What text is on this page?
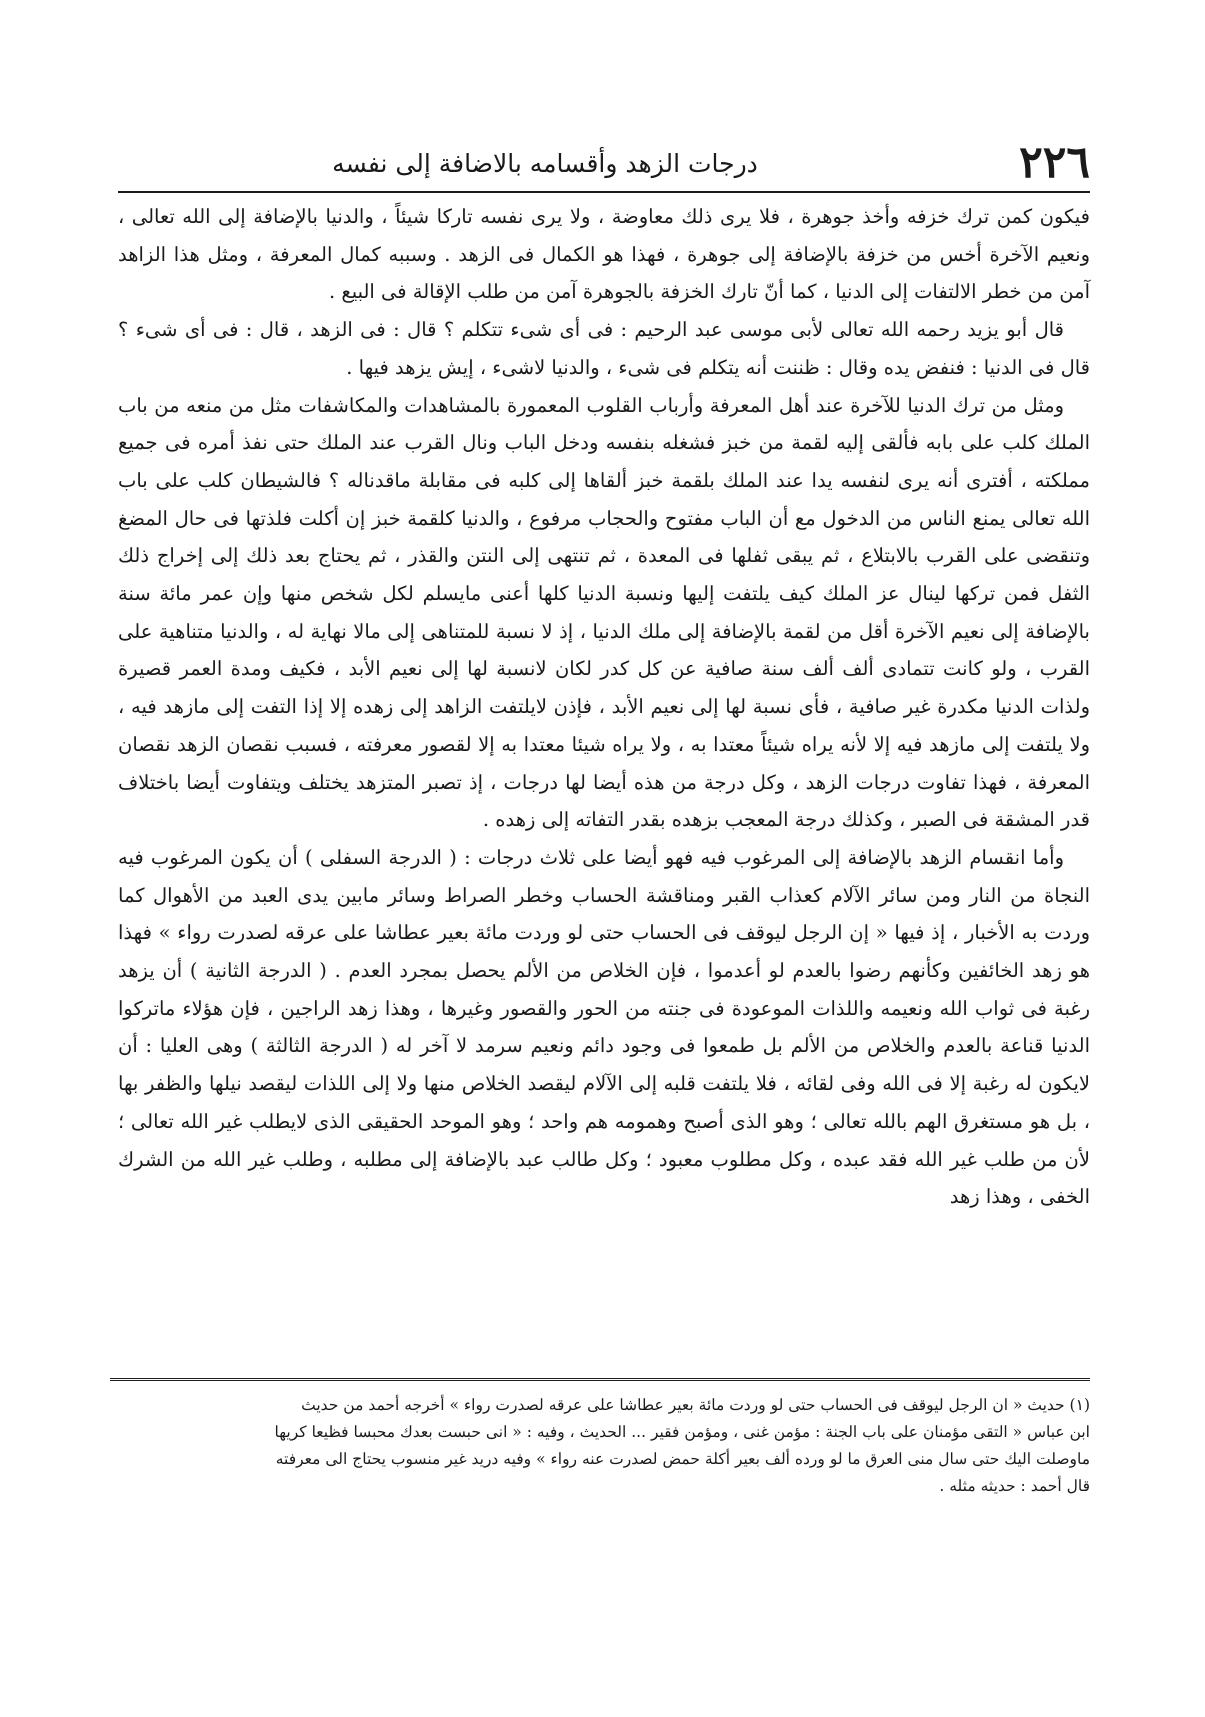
٢٢٦
درجات الزهد وأقسامه بالاضافة إلى نفسه

فيكون كمن ترك خزفه وأخذ جوهرة ، فلا يرى ذلك معاوضة ، ولا يرى نفسه تاركا شيئاً ، والدنيا بالإضافة إلى الله تعالى ، ونعيم الآخرة أخس من خزفة بالإضافة إلى جوهرة ، فهذا هو الكمال فى الزهد . وسببه كمال المعرفة ، ومثل هذا الزاهد آمن من خطر الالتفات إلى الدنيا ، كما أنّ تارك الخزفة بالجوهرة آمن من طلب الإقالة فى البيع .

قال أبو يزيد رحمه الله تعالى لأبى موسى عبد الرحيم : فى أى شىء تتكلم ؟ قال : فى الزهد ، قال : فى أى شىء ؟ قال فى الدنيا : فنفض يده وقال : ظننت أنه يتكلم فى شىء ، والدنيا لاشىء ، إيش يزهد فيها .

ومثل من ترك الدنيا للآخرة عند أهل المعرفة وأرباب القلوب المعمورة بالمشاهدات والمكاشفات مثل من منعه من باب الملك كلب على بابه فألقى إليه لقمة من خبز فشغله بنفسه ودخل الباب ونال القرب عند الملك حتى نفذ أمره فى جميع مملكته ، أفترى أنه يرى لنفسه يدا عند الملك بلقمة خبز ألقاها إلى كلبه فى مقابلة ماقدناله ؟ فالشيطان كلب على باب الله تعالى يمنع الناس من الدخول مع أن الباب مفتوح والحجاب مرفوع ، والدنيا كلقمة خبز إن أكلت فلذتها فى حال المضغ وتنقضى على القرب بالابتلاع ، ثم يبقى ثفلها فى المعدة ، ثم تنتهى إلى النتن والقذر ، ثم يحتاج بعد ذلك إلى إخراج ذلك الثفل فمن تركها لينال عز الملك كيف يلتفت إليها ونسبة الدنيا كلها أعنى مايسلم لكل شخص منها وإن عمر مائة سنة بالإضافة إلى نعيم الآخرة أقل من لقمة بالإضافة إلى ملك الدنيا ، إذ لا نسبة للمتناهى إلى مالا نهاية له ، والدنيا متناهية على القرب ، ولو كانت تتمادى ألف ألف سنة صافية عن كل كدر لكان لانسبة لها إلى نعيم الأبد ، فكيف ومدة العمر قصيرة ولذات الدنيا مكدرة غير صافية ، فأى نسبة لها إلى نعيم الأبد ، فإذن لايلتفت الزاهد إلى زهده إلا إذا التفت إلى مازهد فيه ، ولا يلتفت إلى مازهد فيه إلا لأنه يراه شيئاً معتدا به ، ولا يراه شيئا معتدا به إلا لقصور معرفته ، فسبب نقصان الزهد نقصان المعرفة ، فهذا تفاوت درجات الزهد ، وكل درجة من هذه أيضا لها درجات ، إذ تصبر المتزهد يختلف ويتفاوت أيضا باختلاف قدر المشقة فى الصبر ، وكذلك درجة المعجب بزهده بقدر التفاته إلى زهده .

وأما انقسام الزهد بالإضافة إلى المرغوب فيه فهو أيضا على ثلاث درجات : ( الدرجة السفلى ) أن يكون المرغوب فيه النجاة من النار ومن سائر الآلام كعذاب القبر ومناقشة الحساب وخطر الصراط وسائر مابين يدى العبد من الأهوال كما وردت به الأخبار ، إذ فيها « إن الرجل ليوقف فى الحساب حتى لو وردت مائة بعير عطاشا على عرقه لصدرت رواء » فهذا هو زهد الخائفين وكأنهم رضوا بالعدم لو أعدموا ، فإن الخلاص من الألم يحصل بمجرد العدم . ( الدرجة الثانية ) أن يزهد رغبة فى ثواب الله ونعيمه واللذات الموعودة فى جنته من الحور والقصور وغيرها ، وهذا زهد الراجين ، فإن هؤلاء ماتركوا الدنيا قناعة بالعدم والخلاص من الألم بل طمعوا فى وجود دائم ونعيم سرمد لا آخر له ( الدرجة الثالثة ) وهى العليا : أن لايكون له رغبة إلا فى الله وفى لقائه ، فلا يلتفت قلبه إلى الآلام ليقصد الخلاص منها ولا إلى اللذات ليقصد نيلها والظفر بها ، بل هو مستغرق الهم بالله تعالى ؛ وهو الذى أصبح وهمومه هم واحد ؛ وهو الموحد الحقيقى الذى لايطلب غير الله تعالى ؛ لأن من طلب غير الله فقد عبده ، وكل مطلوب معبود ؛ وكل طالب عبد بالإضافة إلى مطلبه ، وطلب غير الله من الشرك الخفى ، وهذا زهد

(١) حديث « ان الرجل ليوقف فى الحساب حتى لو وردت مائة بعير عطاشا على عرقه لصدرت رواء » أخرجه أحمد من حديث

ابن عباس « التقى مؤمنان على باب الجنة : مؤمن غنى ، ومؤمن فقير ... الحديث ، وفيه : « انى حبست بعدك محبسا فظيعا كريها

ماوصلت اليك حتى سال منى العرق ما لو ورده ألف بعير أكلة حمض لصدرت عنه رواء » وفيه دريد غير منسوب يحتاج الى معرفته

قال أحمد : حديثه مثله .
